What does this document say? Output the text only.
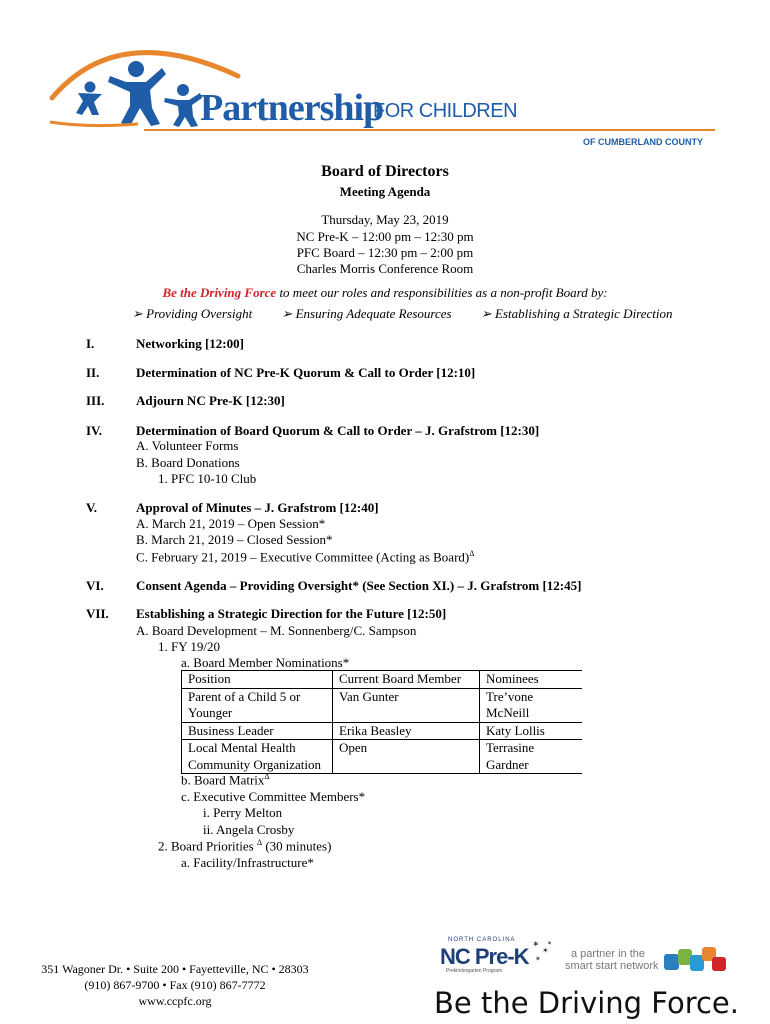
Partnership
FOR CHILDREN
OF CUMBERLAND COUNTY
Board of Directors
Meeting Agenda
Thursday, May 23, 2019
NC Pre-K – 12:00 pm – 12:30 pm
PFC Board – 12:30 pm – 2:00 pm
Charles Morris Conference Room
Be the Driving Force to meet our roles and responsibilities as a non-profit Board by:
➢ Providing Oversight ➢ Ensuring Adequate Resources ➢ Establishing a Strategic Direction
I.	Networking [12:00]
II.	Determination of NC Pre-K Quorum & Call to Order [12:10]
III.	Adjourn NC Pre-K [12:30]
IV.	Determination of Board Quorum & Call to Order – J. Grafstrom [12:30]
A. Volunteer Forms
B. Board Donations
1. PFC 10-10 Club
V.	Approval of Minutes – J. Grafstrom [12:40]
A. March 21, 2019 – Open Session*
B. March 21, 2019 – Closed Session*
C. February 21, 2019 – Executive Committee (Acting as Board)$^\Delta$
VI.	Consent Agenda – Providing Oversight* (See Section XI.) – J. Grafstrom [12:45]
VII.	Establishing a Strategic Direction for the Future [12:50]
A. Board Development – M. Sonnenberg/C. Sampson
1. FY 19/20
a. Board Member Nominations*
Position	Current Board Member	Nominees
Parent of a Child 5 or Younger	Van Gunter	Tre’vone McNeill
Business Leader	Erika Beasley	Katy Lollis
Local Mental Health Community Organization	Open	Terrasine Gardner
b. Board Matrix$^\Delta$
c. Executive Committee Members*
i. Perry Melton
ii. Angela Crosby
2. Board Priorities $^\Delta$ (30 minutes)
a. Facility/Infrastructure*
351 Wagoner Dr. • Suite 200 • Fayetteville, NC • 28303
(910) 867-9700 • Fax (910) 867-7772
www.ccpfc.org
NORTH CAROLINA
NC Pre-K
Prekindergarten Program
✶
✶
✶
✶
a partner in the
smart start network
Be the Driving Force.
